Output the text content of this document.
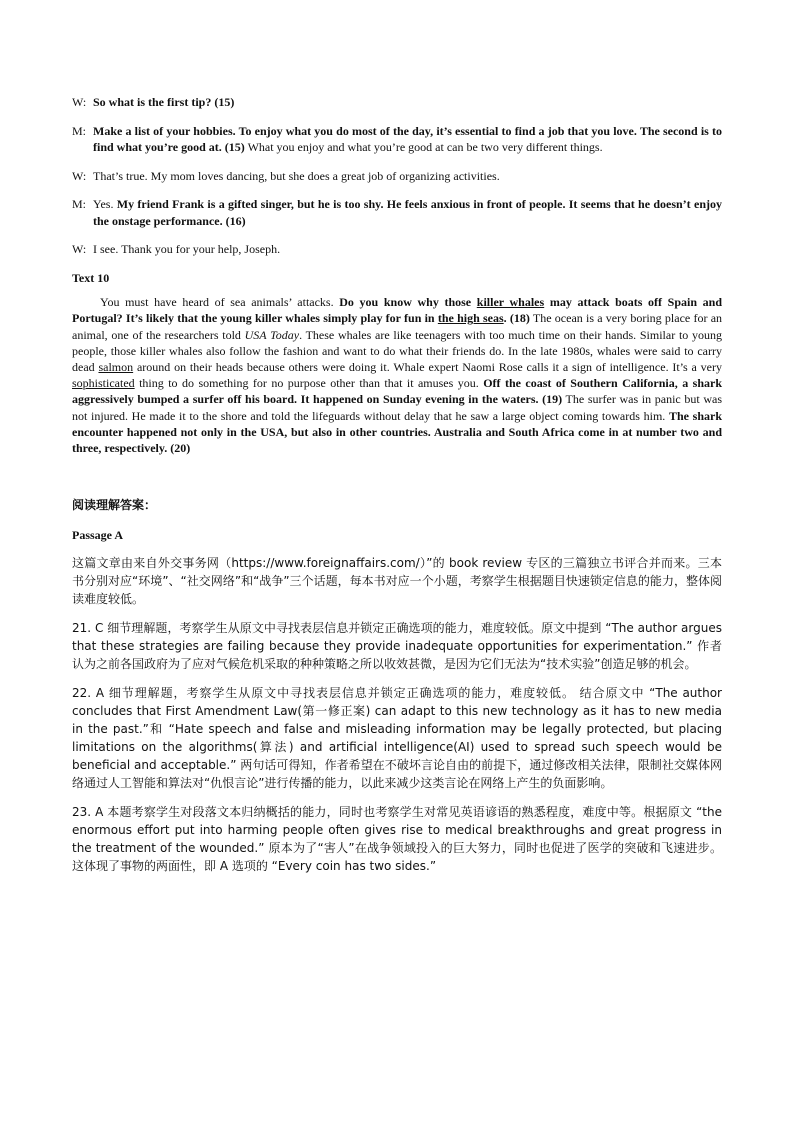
W: So what is the first tip? (15)
M: Make a list of your hobbies. To enjoy what you do most of the day, it’s essential to find a job that you love. The second is to find what you’re good at. (15) What you enjoy and what you’re good at can be two very different things.
W: That’s true. My mom loves dancing, but she does a great job of organizing activities.
M: Yes. My friend Frank is a gifted singer, but he is too shy. He feels anxious in front of people. It seems that he doesn’t enjoy the onstage performance. (16)
W: I see. Thank you for your help, Joseph.
Text 10
You must have heard of sea animals’ attacks. Do you know why those killer whales may attack boats off Spain and Portugal? It’s likely that the young killer whales simply play for fun in the high seas. (18) The ocean is a very boring place for an animal, one of the researchers told USA Today. These whales are like teenagers with too much time on their hands. Similar to young people, those killer whales also follow the fashion and want to do what their friends do. In the late 1980s, whales were said to carry dead salmon around on their heads because others were doing it. Whale expert Naomi Rose calls it a sign of intelligence. It’s a very sophisticated thing to do something for no purpose other than that it amuses you. Off the coast of Southern California, a shark aggressively bumped a surfer off his board. It happened on Sunday evening in the waters. (19) The surfer was in panic but was not injured. He made it to the shore and told the lifeguards without delay that he saw a large object coming towards him. The shark encounter happened not only in the USA, but also in other countries. Australia and South Africa come in at number two and three, respectively. (20)
阅读理解答案：
Passage A
这篇文章由来自外交事务网（https://www.foreignaffairs.com/）”的 book review 专区的三篇独立书评合并而来。三本书分别对应“环境”、“社交网络”和“战争”三个话题，每本书对应一个小题，考察学生根据题目快速锁定信息的能力，整体阅读难度较低。
21. C 细节理解题，考察学生从原文中寻找表层信息并锁定正确选项的能力，难度较低。原文中提到 “The author argues that these strategies are failing because they provide inadequate opportunities for experimentation.” 作者认为之前各国政府为了应对气候危机采取的种种策略之所以收效甚微，是因为它们无法为“技术实验”创造足够的机会。
22. A 细节理解题，考察学生从原文中寻找表层信息并锁定正确选项的能力，难度较低。 结合原文中 “The author concludes that First Amendment Law(第一修正案) can adapt to this new technology as it has to new media in the past.”和 “Hate speech and false and misleading information may be legally protected, but placing limitations on the algorithms(算法) and artificial intelligence(AI) used to spread such speech would be beneficial and acceptable.” 两句话可得知，作者希望在不破坏言论自由的前提下，通过修改相关法律，限制社交媒体网络通过人工智能和算法对“仇恨言论”进行传播的能力，以此来减少这类言论在网络上产生的负面影响。
23. A 本题考察学生对段落文本归纳概括的能力，同时也考察学生对常见英语谚语的熟悉程度，难度中等。根据原文 “the enormous effort put into harming people often gives rise to medical breakthroughs and great progress in the treatment of the wounded.” 原本为了“害人”在战争领域投入的巨大努力，同时也促进了医学的突破和飞速进步。这体现了事物的两面性，即 A 选项的 “Every coin has two sides.”
